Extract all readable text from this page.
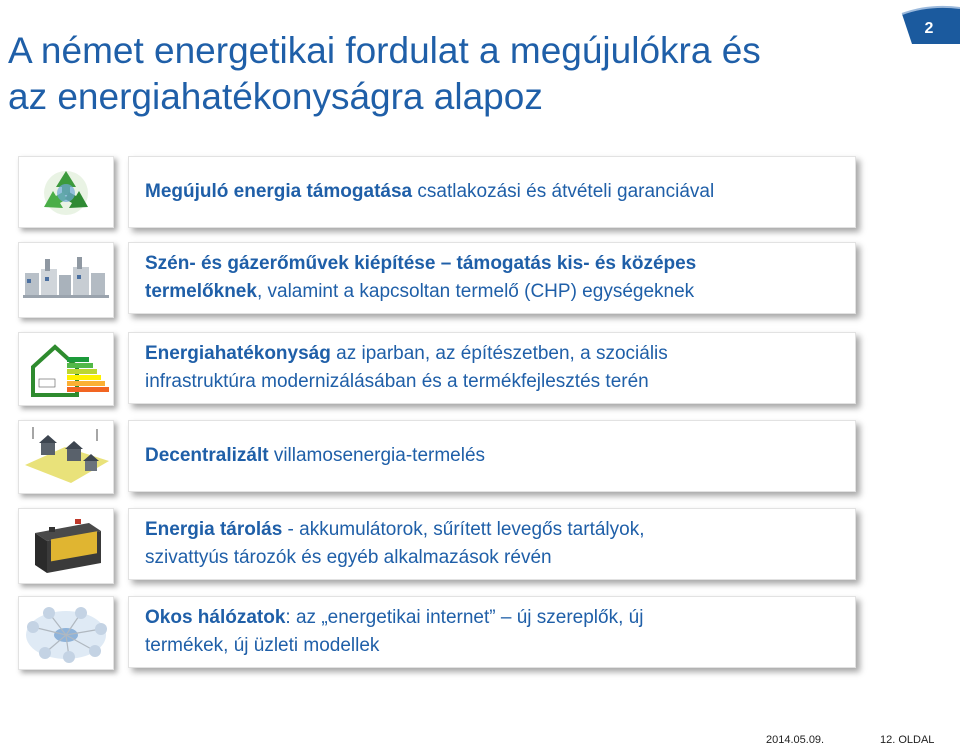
A német energetikai fordulat a megújulókra és
az energiahatékonyságra alapoz
2
Megújuló energia támogatása csatlakozási és átvételi garanciával
Szén- és gázerőművek kiépítése – támogatás kis- és középes
termelőknek, valamint a kapcsoltan termelő (CHP) egységeknek
Energiahatékonyság az iparban, az építészetben, a szociális
infrastruktúra modernizálásában és a termékfejlesztés terén
Decentralizált villamosenergia-termelés
Energia tárolás - akkumulátorok, sűrített levegős tartályok,
szivattyús tározók és egyéb alkalmazások révén
Okos hálózatok: az „energetikai internet” – új szereplők, új
termékek, új üzleti modellek
2014.05.09.	12. OLDAL
